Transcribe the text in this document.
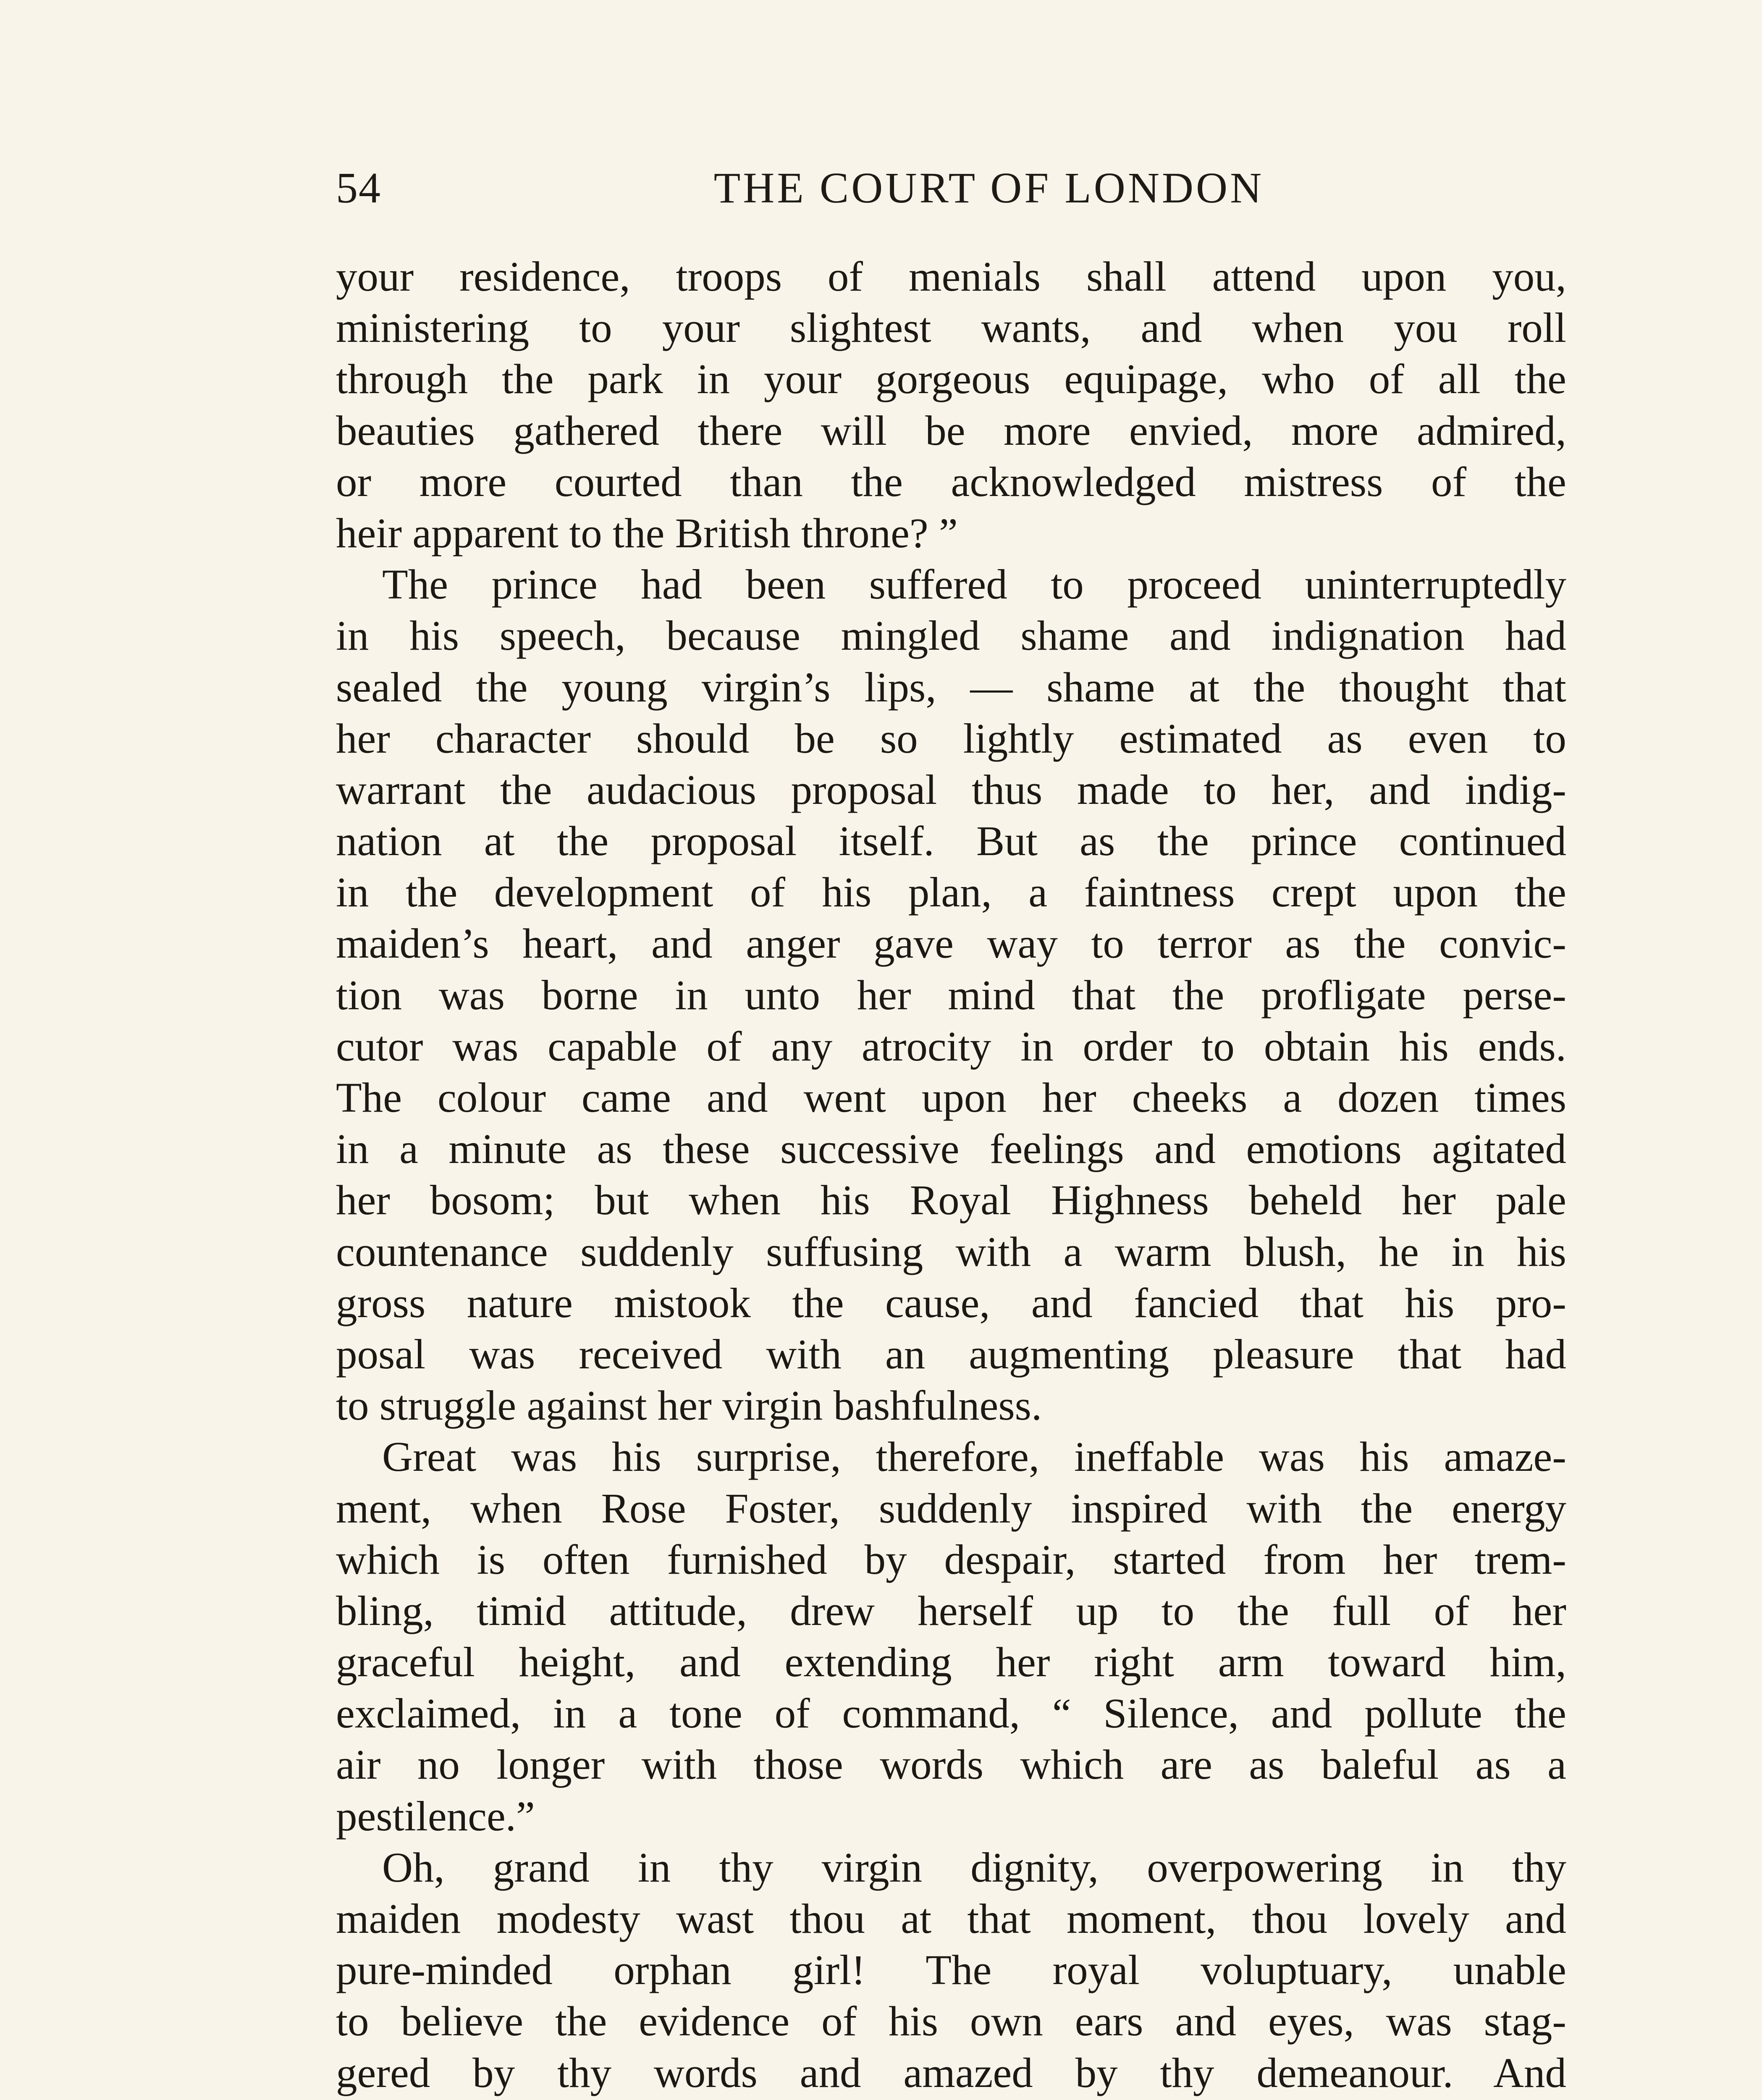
54	THE COURT OF LONDON
your residence, troops of menials shall attend upon you,
ministering to your slightest wants, and when you roll
through the park in your gorgeous equipage, who of all the
beauties gathered there will be more envied, more admired,
or more courted than the acknowledged mistress of the
heir apparent to the British throne? ”
The prince had been suffered to proceed uninterruptedly
in his speech, because mingled shame and indignation had
sealed the young virgin’s lips, — shame at the thought that
her character should be so lightly estimated as even to
warrant the audacious proposal thus made to her, and indig-
nation at the proposal itself. But as the prince continued
in the development of his plan, a faintness crept upon the
maiden’s heart, and anger gave way to terror as the convic-
tion was borne in unto her mind that the profligate perse-
cutor was capable of any atrocity in order to obtain his ends.
The colour came and went upon her cheeks a dozen times
in a minute as these successive feelings and emotions agitated
her bosom; but when his Royal Highness beheld her pale
countenance suddenly suffusing with a warm blush, he in his
gross nature mistook the cause, and fancied that his pro-
posal was received with an augmenting pleasure that had
to struggle against her virgin bashfulness.
Great was his surprise, therefore, ineffable was his amaze-
ment, when Rose Foster, suddenly inspired with the energy
which is often furnished by despair, started from her trem-
bling, timid attitude, drew herself up to the full of her
graceful height, and extending her right arm toward him,
exclaimed, in a tone of command, “ Silence, and pollute the
air no longer with those words which are as baleful as a
pestilence.”
Oh, grand in thy virgin dignity, overpowering in thy
maiden modesty wast thou at that moment, thou lovely and
pure-minded orphan girl! The royal voluptuary, unable
to believe the evidence of his own ears and eyes, was stag-
gered by thy words and amazed by thy demeanour. And
